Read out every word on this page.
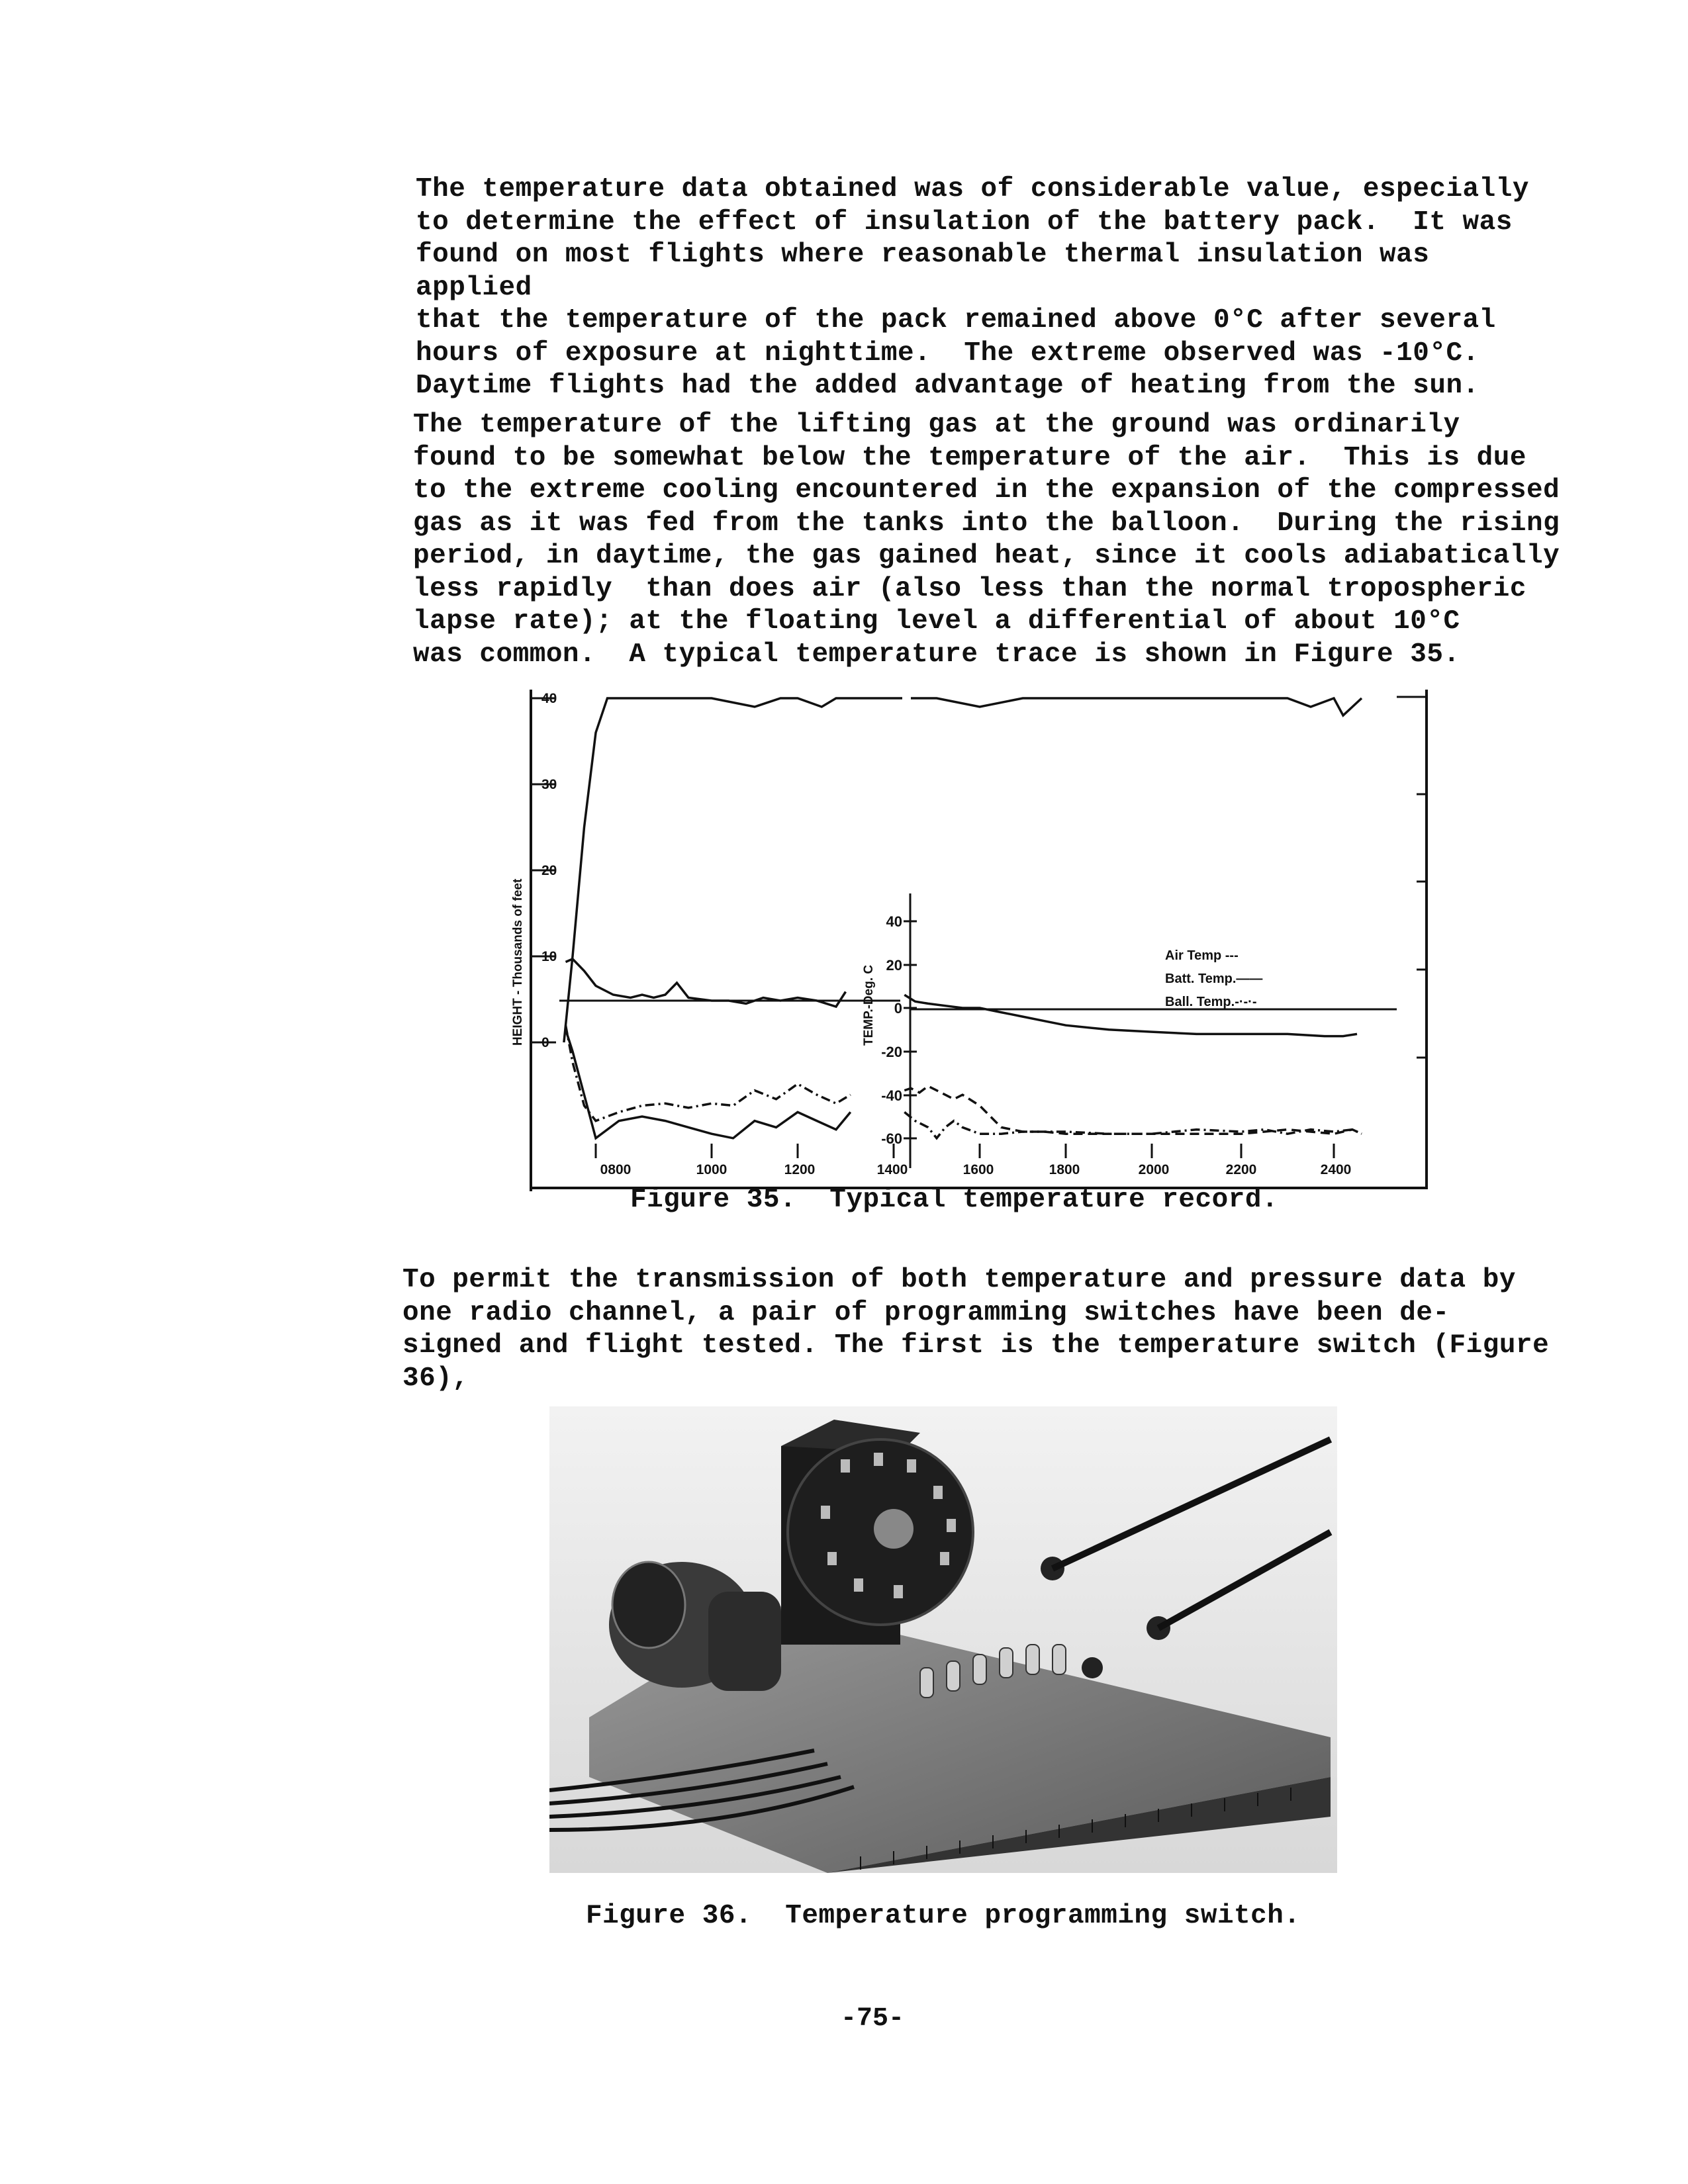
The temperature data obtained was of considerable value, especially
to determine the effect of insulation of the battery pack.  It was
found on most flights where reasonable thermal insulation was applied
that the temperature of the pack remained above 0°C after several
hours of exposure at nighttime.  The extreme observed was -10°C.
Daytime flights had the added advantage of heating from the sun.
The temperature of the lifting gas at the ground was ordinarily
found to be somewhat below the temperature of the air.  This is due
to the extreme cooling encountered in the expansion of the compressed
gas as it was fed from the tanks into the balloon.  During the rising
period, in daytime, the gas gained heat, since it cools adiabatically
less rapidly  than does air (also less than the normal tropospheric
lapse rate); at the floating level a differential of about 10°C
was common.  A typical temperature trace is shown in Figure 35.
40
30
20
10
0
HEIGHT - Thousands of feet	40
20
0
-20
-40
-60
TEMP.-Deg. C
0800	1000	1200	1400	1600	1800	2000	2200	2400
Air Temp ---
Batt. Temp.——
Ball. Temp.-·-·-
Figure 35.  Typical temperature record.
To permit the transmission of both temperature and pressure data by
one radio channel, a pair of programming switches have been de-
signed and flight tested. The first is the temperature switch (Figure 36),
Figure 36.  Temperature programming switch.
-75-
